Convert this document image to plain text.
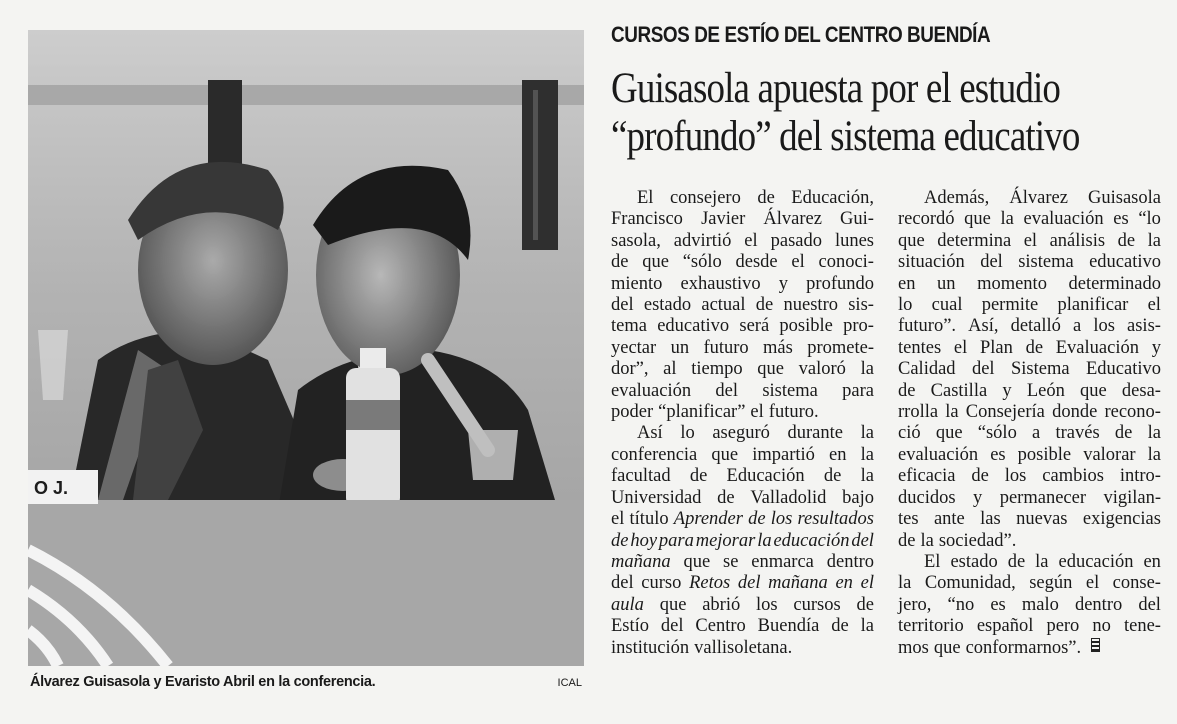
O J.
Álvarez Guisasola y Evaristo Abril en la conferencia.	ICAL
CURSOS DE ESTÍO DEL CENTRO BUENDÍA
Guisasola apuesta por el estudio
“profundo” del sistema educativo
El consejero de Educación,
Francisco Javier Álvarez Gui-
sasola, advirtió el pasado lunes
de que “sólo desde el conoci-
miento exhaustivo y profundo
del estado actual de nuestro sis-
tema educativo será posible pro-
yectar un futuro más promete-
dor”, al tiempo que valoró la
evaluación del sistema para
poder “planificar” el futuro.
Así lo aseguró durante la
conferencia que impartió en la
facultad de Educación de la
Universidad de Valladolid bajo
el título Aprender de los resultados
de hoy para mejorar la educación del
mañana que se enmarca dentro
del curso Retos del mañana en el
aula que abrió los cursos de
Estío del Centro Buendía de la
institución vallisoletana.
Además, Álvarez Guisasola
recordó que la evaluación es “lo
que determina el análisis de la
situación del sistema educativo
en un momento determinado
lo cual permite planificar el
futuro”. Así, detalló a los asis-
tentes el Plan de Evaluación y
Calidad del Sistema Educativo
de Castilla y León que desa-
rrolla la Consejería donde recono-
ció que “sólo a través de la
evaluación es posible valorar la
eficacia de los cambios intro-
ducidos y permanecer vigilan-
tes ante las nuevas exigencias
de la sociedad”.
El estado de la educación en
la Comunidad, según el conse-
jero, “no es malo dentro del
territorio español pero no tene-
mos que conformarnos”.
